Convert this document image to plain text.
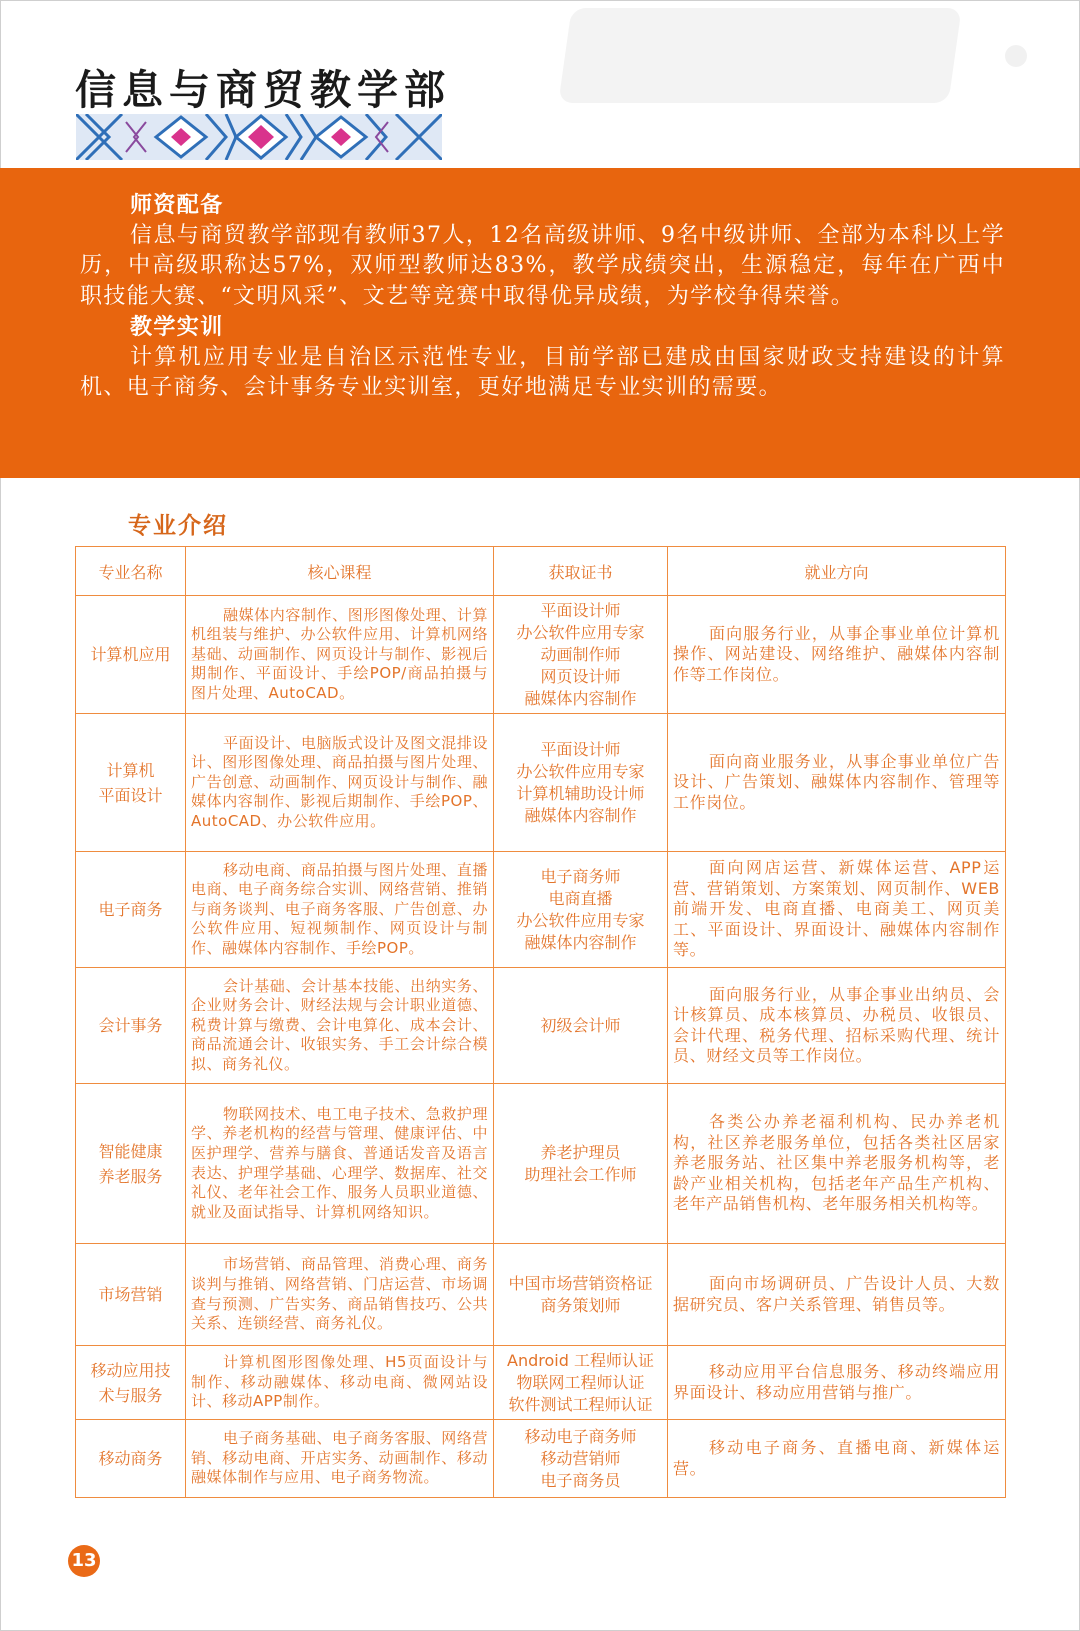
信息与商贸教学部
师资配备
信息与商贸教学部现有教师37人，12名高级讲师、9名中级讲师、全部为本科以上学历，中高级职称达57%，双师型教师达83%，教学成绩突出，生源稳定，每年在广西中职技能大赛、“文明风采”、文艺等竞赛中取得优异成绩，为学校争得荣誉。
教学实训
计算机应用专业是自治区示范性专业，目前学部已建成由国家财政支持建设的计算机、电子商务、会计事务专业实训室，更好地满足专业实训的需要。
专业介绍
专业名称	核心课程	获取证书	就业方向

计算机应用	融媒体内容制作、图形图像处理、计算机组装与维护、办公软件应用、计算机网络基础、动画制作、网页设计与制作、影视后期制作、平面设计、手绘POP/商品拍摄与图片处理、AutoCAD。	平面设计师
办公软件应用专家
动画制作师
网页设计师
融媒体内容制作	面向服务行业，从事企事业单位计算机操作、网站建设、网络维护、融媒体内容制作等工作岗位。

计算机
平面设计	平面设计、电脑版式设计及图文混排设计、图形图像处理、商品拍摄与图片处理、广告创意、动画制作、网页设计与制作、融媒体内容制作、影视后期制作、手绘POP、AutoCAD、办公软件应用。	平面设计师
办公软件应用专家
计算机辅助设计师
融媒体内容制作	面向商业服务业，从事企事业单位广告设计、广告策划、融媒体内容制作、管理等工作岗位。

电子商务	移动电商、商品拍摄与图片处理、直播电商、电子商务综合实训、网络营销、推销与商务谈判、电子商务客服、广告创意、办公软件应用、短视频制作、网页设计与制作、融媒体内容制作、手绘POP。	电子商务师
电商直播
办公软件应用专家
融媒体内容制作	面向网店运营、新媒体运营、APP运营、营销策划、方案策划、网页制作、WEB前端开发、电商直播、电商美工、网页美工、平面设计、界面设计、融媒体内容制作等。

会计事务	会计基础、会计基本技能、出纳实务、企业财务会计、财经法规与会计职业道德、税费计算与缴费、会计电算化、成本会计、商品流通会计、收银实务、手工会计综合模拟、商务礼仪。	初级会计师	面向服务行业，从事企事业出纳员、会计核算员、成本核算员、办税员、收银员、会计代理、税务代理、招标采购代理、统计员、财经文员等工作岗位。

智能健康
养老服务	物联网技术、电工电子技术、急救护理学、养老机构的经营与管理、健康评估、中医护理学、营养与膳食、普通话发音及语言表达、护理学基础、心理学、数据库、社交礼仪、老年社会工作、服务人员职业道德、就业及面试指导、计算机网络知识。	养老护理员
助理社会工作师	各类公办养老福利机构、民办养老机构，社区养老服务单位，包括各类社区居家养老服务站、社区集中养老服务机构等，老龄产业相关机构，包括老年产品生产机构、老年产品销售机构、老年服务相关机构等。

市场营销	市场营销、商品管理、消费心理、商务谈判与推销、网络营销、门店运营、市场调查与预测、广告实务、商品销售技巧、公共关系、连锁经营、商务礼仪。	中国市场营销资格证
商务策划师	面向市场调研员、广告设计人员、大数据研究员、客户关系管理、销售员等。

移动应用技
术与服务	计算机图形图像处理、H5页面设计与制作、移动融媒体、移动电商、微网站设计、移动APP制作。	Android 工程师认证
物联网工程师认证
软件测试工程师认证	移动应用平台信息服务、移动终端应用界面设计、移动应用营销与推广。

移动商务	电子商务基础、电子商务客服、网络营销、移动电商、开店实务、动画制作、移动融媒体制作与应用、电子商务物流。	移动电子商务师
移动营销师
电子商务员	移动电子商务、直播电商、新媒体运营。
13
